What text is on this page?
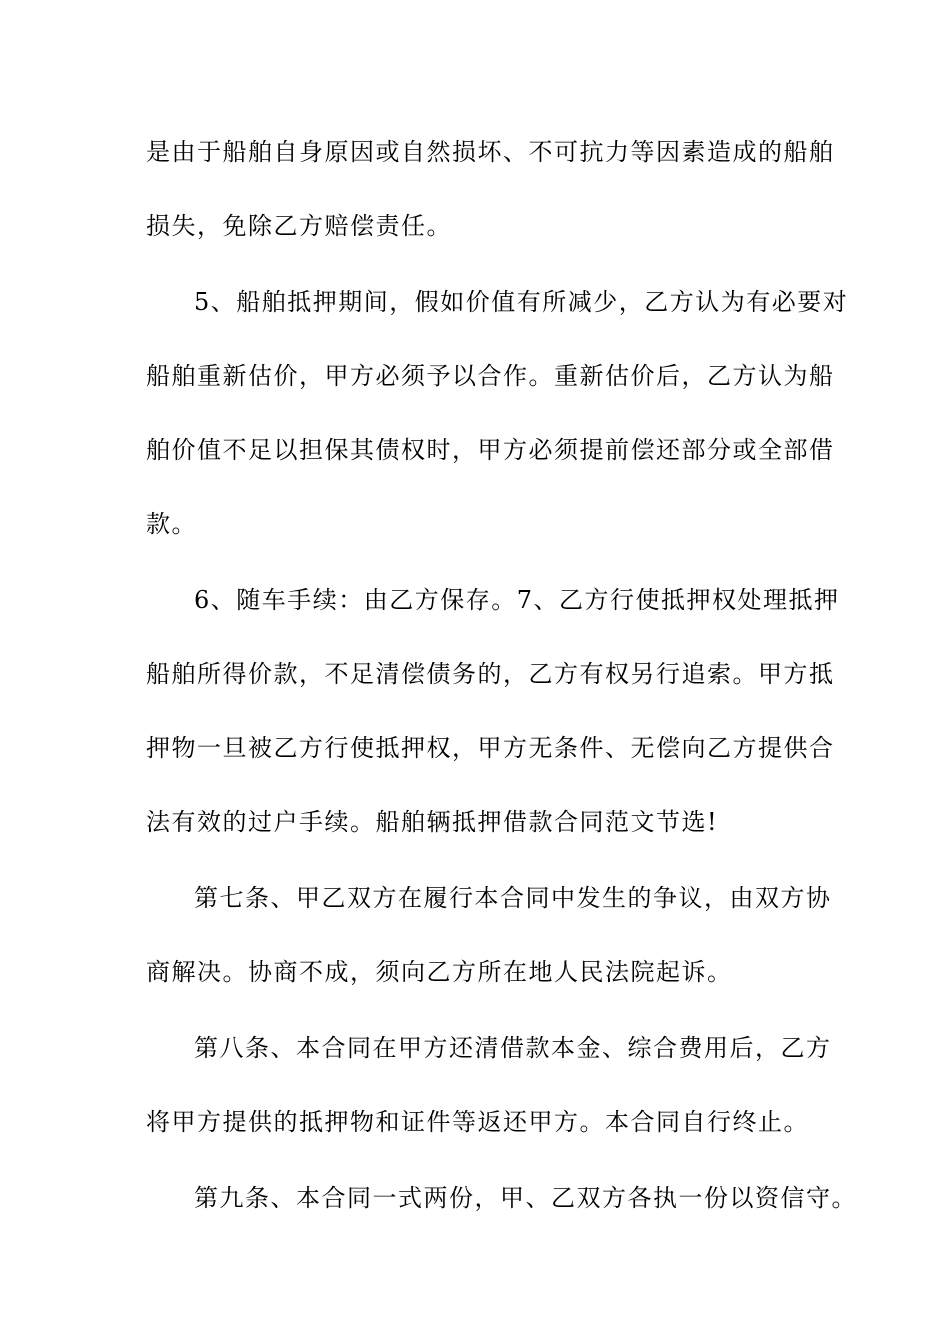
是由于船舶自身原因或自然损坏、不可抗力等因素造成的船舶
损失，免除乙方赔偿责任。
5、船舶抵押期间，假如价值有所减少，乙方认为有必要对
船舶重新估价，甲方必须予以合作。重新估价后，乙方认为船
舶价值不足以担保其债权时，甲方必须提前偿还部分或全部借
款。
6、随车手续：由乙方保存。7、乙方行使抵押权处理抵押
船舶所得价款，不足清偿债务的，乙方有权另行追索。甲方抵
押物一旦被乙方行使抵押权，甲方无条件、无偿向乙方提供合
法有效的过户手续。船舶辆抵押借款合同范文节选!
第七条、甲乙双方在履行本合同中发生的争议，由双方协
商解决。协商不成，须向乙方所在地人民法院起诉。
第八条、本合同在甲方还清借款本金、综合费用后，乙方
将甲方提供的抵押物和证件等返还甲方。本合同自行终止。
第九条、本合同一式两份，甲、乙双方各执一份以资信守。
